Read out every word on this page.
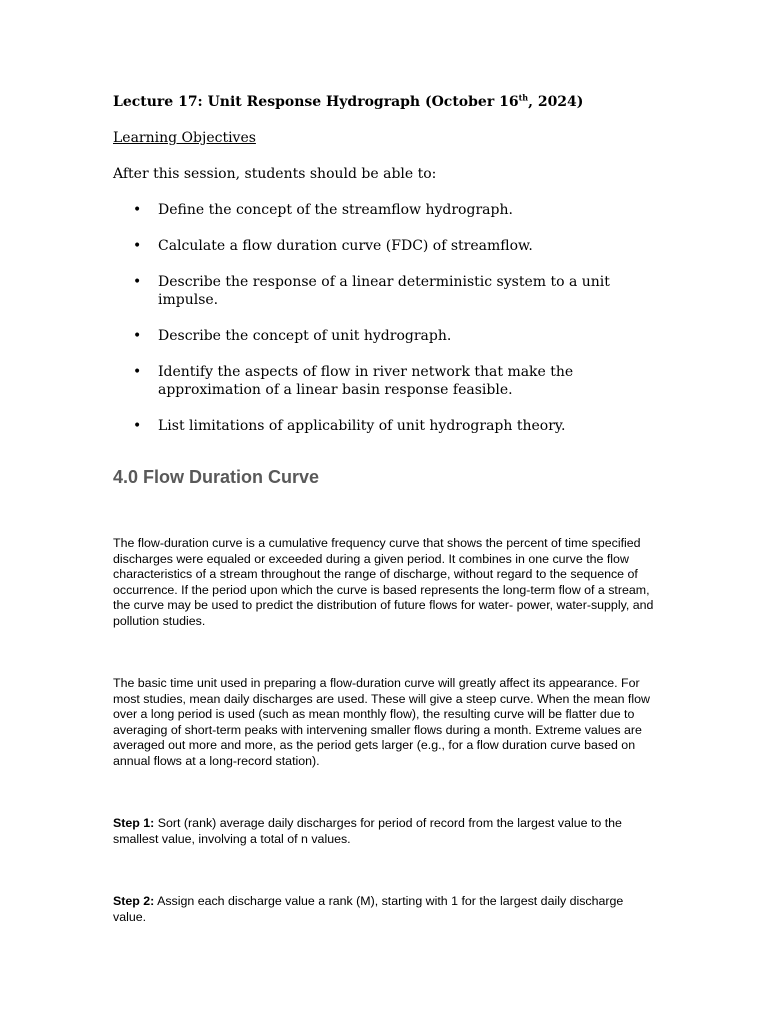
Lecture 17: Unit Response Hydrograph (October 16th, 2024)

Learning Objectives

After this session, students should be able to:

• Define the concept of the streamflow hydrograph.
• Calculate a flow duration curve (FDC) of streamflow.
• Describe the response of a linear deterministic system to a unit impulse.
• Describe the concept of unit hydrograph.
• Identify the aspects of flow in river network that make the approximation of a linear basin response feasible.
• List limitations of applicability of unit hydrograph theory.
4.0 Flow Duration Curve

The flow-duration curve is a cumulative frequency curve that shows the percent of time specified discharges were equaled or exceeded during a given period. It combines in one curve the flow characteristics of a stream throughout the range of discharge, without regard to the sequence of occurrence. If the period upon which the curve is based represents the long-term flow of a stream, the curve may be used to predict the distribution of future flows for water- power, water-supply, and pollution studies.

The basic time unit used in preparing a flow-duration curve will greatly affect its appearance. For most studies, mean daily discharges are used. These will give a steep curve. When the mean flow over a long period is used (such as mean monthly flow), the resulting curve will be flatter due to averaging of short-term peaks with intervening smaller flows during a month. Extreme values are averaged out more and more, as the period gets larger (e.g., for a flow duration curve based on annual flows at a long-record station).

Step 1: Sort (rank) average daily discharges for period of record from the largest value to the smallest value, involving a total of n values.

Step 2: Assign each discharge value a rank (M), starting with 1 for the largest daily discharge value.
